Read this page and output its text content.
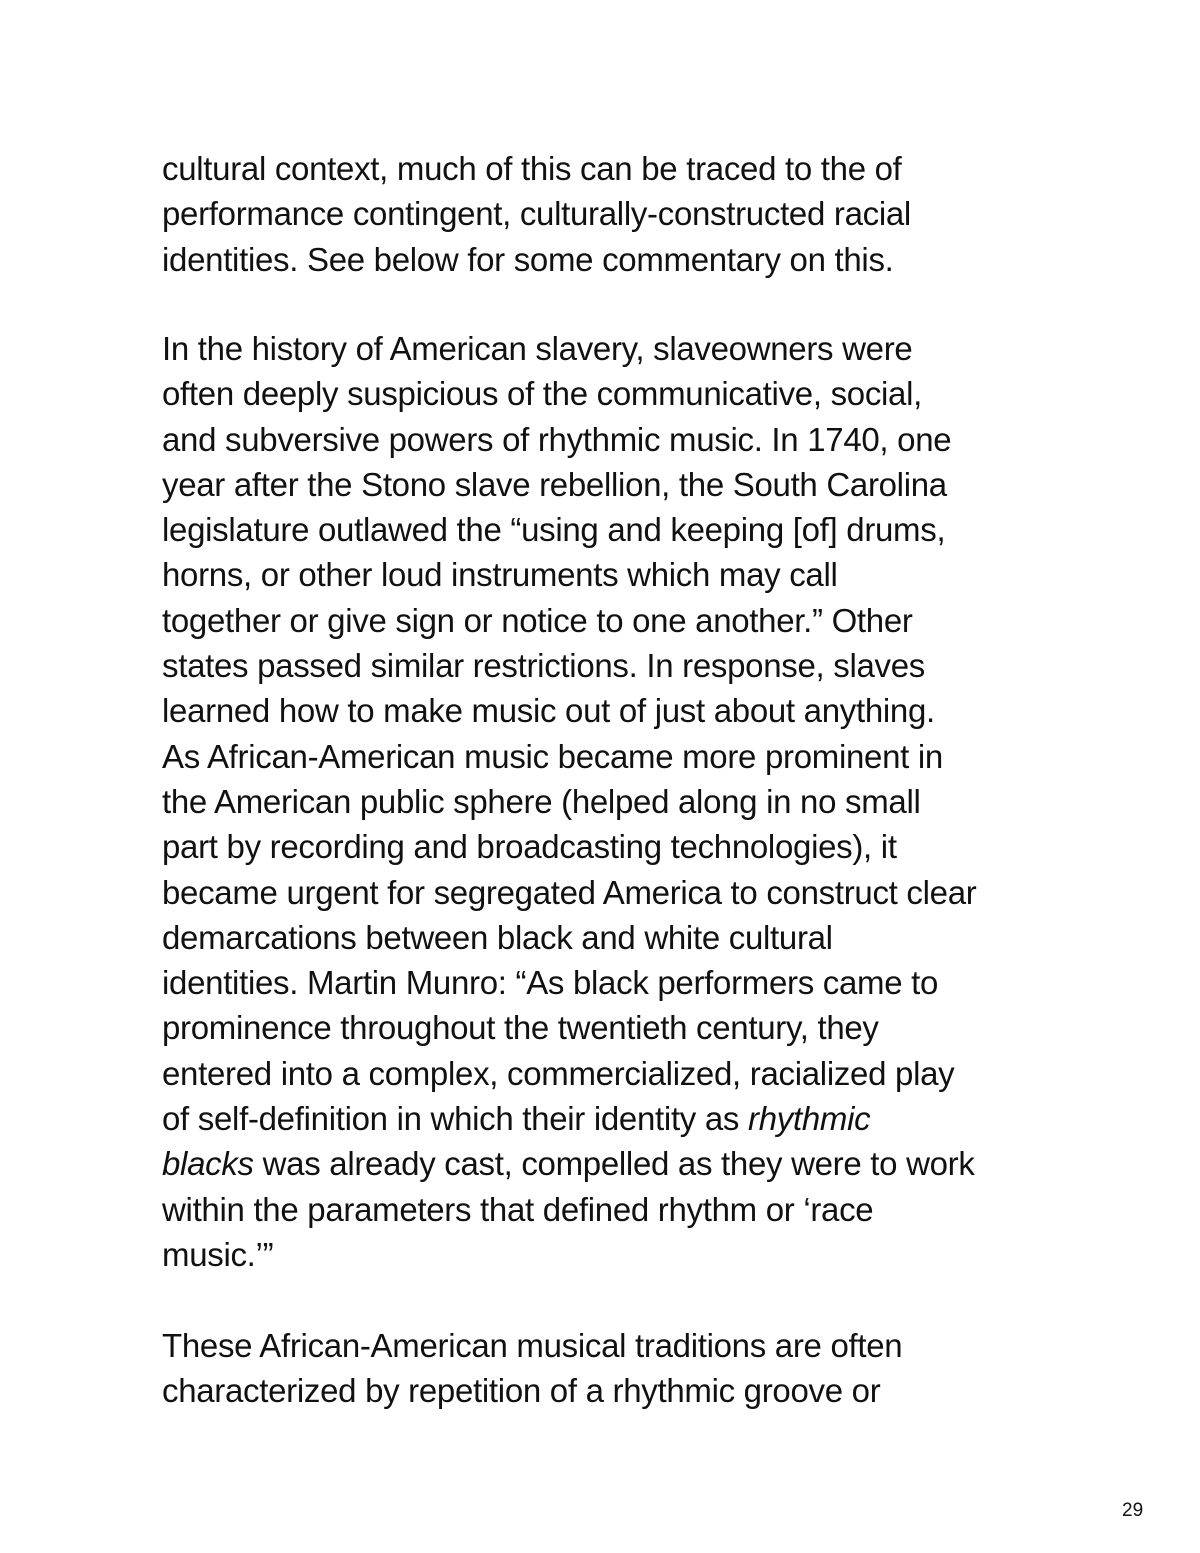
cultural context, much of this can be traced to the of
performance contingent, culturally-constructed racial
identities. See below for some commentary on this.
In the history of American slavery, slaveowners were
often deeply suspicious of the communicative, social,
and subversive powers of rhythmic music. In 1740, one
year after the Stono slave rebellion, the South Carolina
legislature outlawed the “using and keeping [of] drums,
horns, or other loud instruments which may call
together or give sign or notice to one another.” Other
states passed similar restrictions. In response, slaves
learned how to make music out of just about anything.
As African-American music became more prominent in
the American public sphere (helped along in no small
part by recording and broadcasting technologies), it
became urgent for segregated America to construct clear
demarcations between black and white cultural
identities. Martin Munro: “As black performers came to
prominence throughout the twentieth century, they
entered into a complex, commercialized, racialized play
of self-definition in which their identity as rhythmic
blacks was already cast, compelled as they were to work
within the parameters that defined rhythm or ‘race
music.’”
These African-American musical traditions are often
characterized by repetition of a rhythmic groove or
29
